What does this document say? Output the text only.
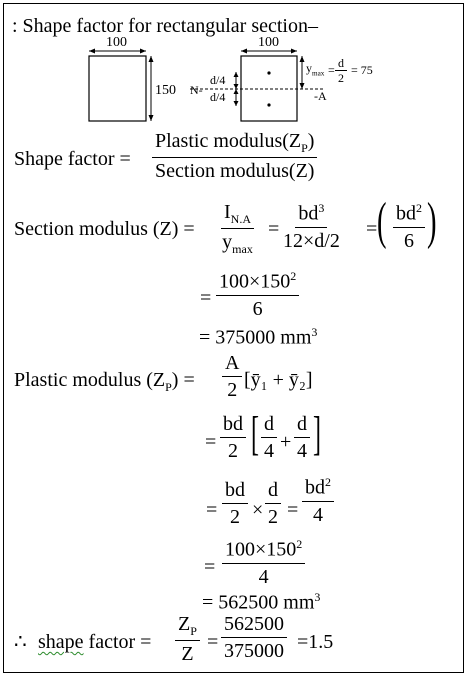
: Shape factor for rectangular section–
100	100
150 N-	-A
d/4
d/4
$y_{max} = \frac{d}{2} = 75$
Shape factor =
Plastic $modulus(Z_P)$
Section modulus(Z)
Section modulus (Z) =
$I_{N.A}$
$y_{max}$
= $\frac{bd^3}{12\times d/2}$ = ( $\frac{bd^2}{6}$ )
= $\frac{100\times 150^2}{6}$
= 375000 $mm^3$
Plastic modulus $(Z_P) = \frac{A}{2}$ [ȳ₁ + ȳ₂]
= $\frac{bd}{2}$ [ $\frac{d}{4} + \frac{d}{4}$ ]
= $\frac{bd}{2} \times \frac{d}{2} = \frac{bd^2}{4}$
= $\frac{100\times 150^2}{4}$
= 562500 $mm^3$
∴ shape factor = $\frac{Z_P}{Z} = \frac{562500}{375000} =1.5$
